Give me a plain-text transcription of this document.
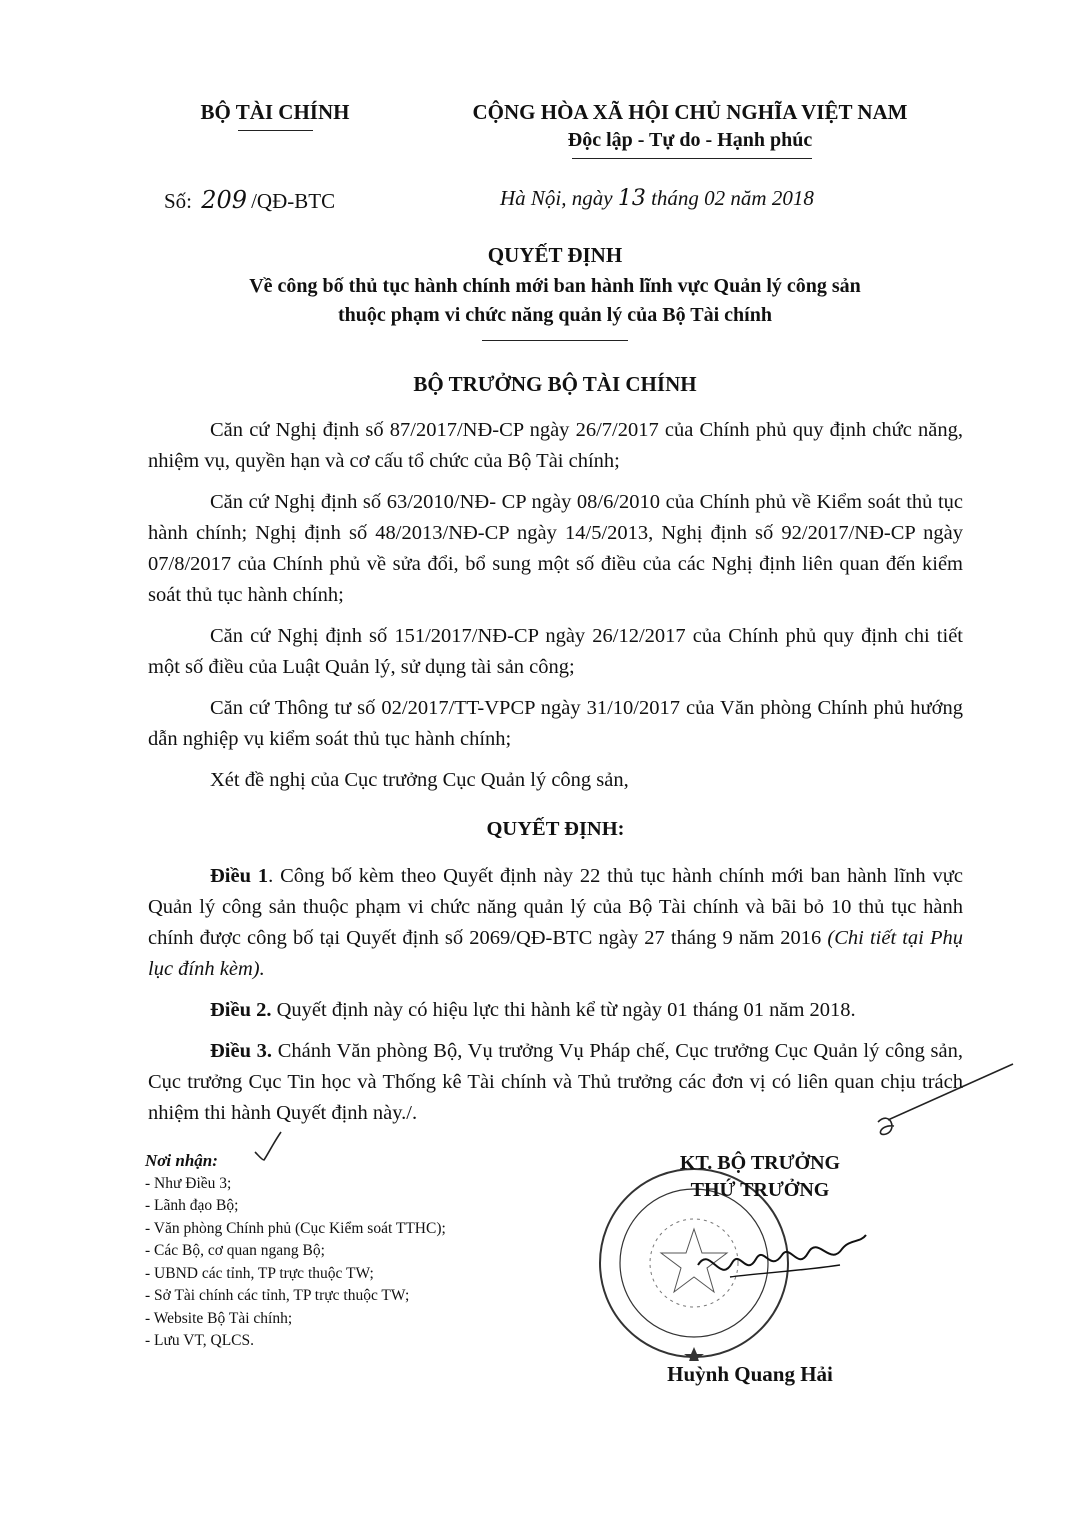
BỘ TÀI CHÍNH	CỘNG HÒA XÃ HỘI CHỦ NGHĨA VIỆT NAM
Độc lập - Tự do - Hạnh phúc
Số: 209 /QĐ-BTC	Hà Nội, ngày 13 tháng 02 năm 2018
QUYẾT ĐỊNH
Về công bố thủ tục hành chính mới ban hành lĩnh vực Quản lý công sản
thuộc phạm vi chức năng quản lý của Bộ Tài chính
BỘ TRƯỞNG BỘ TÀI CHÍNH

Căn cứ Nghị định số 87/2017/NĐ-CP ngày 26/7/2017 của Chính phủ quy định chức năng, nhiệm vụ, quyền hạn và cơ cấu tổ chức của Bộ Tài chính;

Căn cứ Nghị định số 63/2010/NĐ- CP ngày 08/6/2010 của Chính phủ về Kiểm soát thủ tục hành chính; Nghị định số 48/2013/NĐ-CP ngày 14/5/2013, Nghị định số 92/2017/NĐ-CP ngày 07/8/2017 của Chính phủ về sửa đổi, bổ sung một số điều của các Nghị định liên quan đến kiểm soát thủ tục hành chính;

Căn cứ Nghị định số 151/2017/NĐ-CP ngày 26/12/2017 của Chính phủ quy định chi tiết một số điều của Luật Quản lý, sử dụng tài sản công;

Căn cứ Thông tư số 02/2017/TT-VPCP ngày 31/10/2017 của Văn phòng Chính phủ hướng dẫn nghiệp vụ kiểm soát thủ tục hành chính;

Xét đề nghị của Cục trưởng Cục Quản lý công sản,

QUYẾT ĐỊNH:

Điều 1. Công bố kèm theo Quyết định này 22 thủ tục hành chính mới ban hành lĩnh vực Quản lý công sản thuộc phạm vi chức năng quản lý của Bộ Tài chính và bãi bỏ 10 thủ tục hành chính được công bố tại Quyết định số 2069/QĐ-BTC ngày 27 tháng 9 năm 2016 (Chi tiết tại Phụ lục đính kèm).

Điều 2. Quyết định này có hiệu lực thi hành kể từ ngày 01 tháng 01 năm 2018.

Điều 3. Chánh Văn phòng Bộ, Vụ trưởng Vụ Pháp chế, Cục trưởng Cục Quản lý công sản, Cục trưởng Cục Tin học và Thống kê Tài chính và Thủ trưởng các đơn vị có liên quan chịu trách nhiệm thi hành Quyết định này./.

Nơi nhận:
- Như Điều 3;
- Lãnh đạo Bộ;
- Văn phòng Chính phủ (Cục Kiểm soát TTHC);
- Các Bộ, cơ quan ngang Bộ;
- UBND các tỉnh, TP trực thuộc TW;
- Sở Tài chính các tỉnh, TP trực thuộc TW;
- Website Bộ Tài chính;
- Lưu VT, QLCS.
KT. BỘ TRƯỞNG
THỨ TRƯỞNG
Huỳnh Quang Hải
